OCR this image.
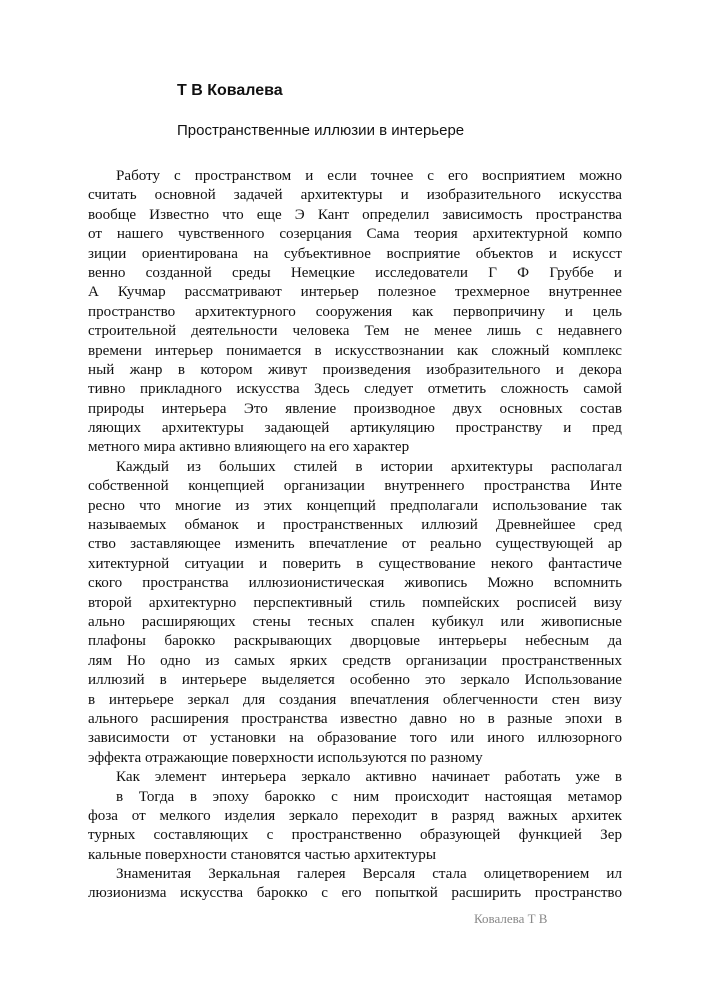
Т В Ковалева
Пространственные иллюзии в интерьере
Работу с пространством и если точнее с его восприятием можно
считать основной задачей архитектуры и изобразительного искусства
вообще Известно что еще Э Кант определил зависимость пространства
от нашего чувственного созерцания Сама теория архитектурной компо
зиции ориентирована на субъективное восприятие объектов и искусст
венно созданной среды Немецкие исследователи Г Ф Груббе и
А Кучмар рассматривают интерьер полезное трехмерное внутреннее
пространство архитектурного сооружения как первопричину и цель
строительной деятельности человека Тем не менее лишь с недавнего
времени интерьер понимается в искусствознании как сложный комплекс
ный жанр в котором живут произведения изобразительного и декора
тивно прикладного искусства Здесь следует отметить сложность самой
природы интерьера Это явление производное двух основных состав
ляющих архитектуры задающей артикуляцию пространству и пред
метного мира активно влияющего на его характер
Каждый из больших стилей в истории архитектуры располагал
собственной концепцией организации внутреннего пространства Инте
ресно что многие из этих концепций предполагали использование так
называемых обманок и пространственных иллюзий Древнейшее сред
ство заставляющее изменить впечатление от реально существующей ар
хитектурной ситуации и поверить в существование некого фантастиче
ского пространства иллюзионистическая живопись Можно вспомнить
второй архитектурно перспективный стиль помпейских росписей визу
ально расширяющих стены тесных спален кубикул или живописные
плафоны барокко раскрывающих дворцовые интерьеры небесным да
лям Но одно из самых ярких средств организации пространственных
иллюзий в интерьере выделяется особенно это зеркало Использование
в интерьере зеркал для создания впечатления облегченности стен визу
ального расширения пространства известно давно но в разные эпохи в
зависимости от установки на образование того или иного иллюзорного
эффекта отражающие поверхности используются по разному
Как элемент интерьера зеркало активно начинает работать уже в
в Тогда в эпоху барокко с ним происходит настоящая метамор
фоза от мелкого изделия зеркало переходит в разряд важных архитек
турных составляющих с пространственно образующей функцией Зер
кальные поверхности становятся частью архитектуры
Знаменитая Зеркальная галерея Версаля стала олицетворением ил
люзионизма искусства барокко с его попыткой расширить пространство
Ковалева Т В
